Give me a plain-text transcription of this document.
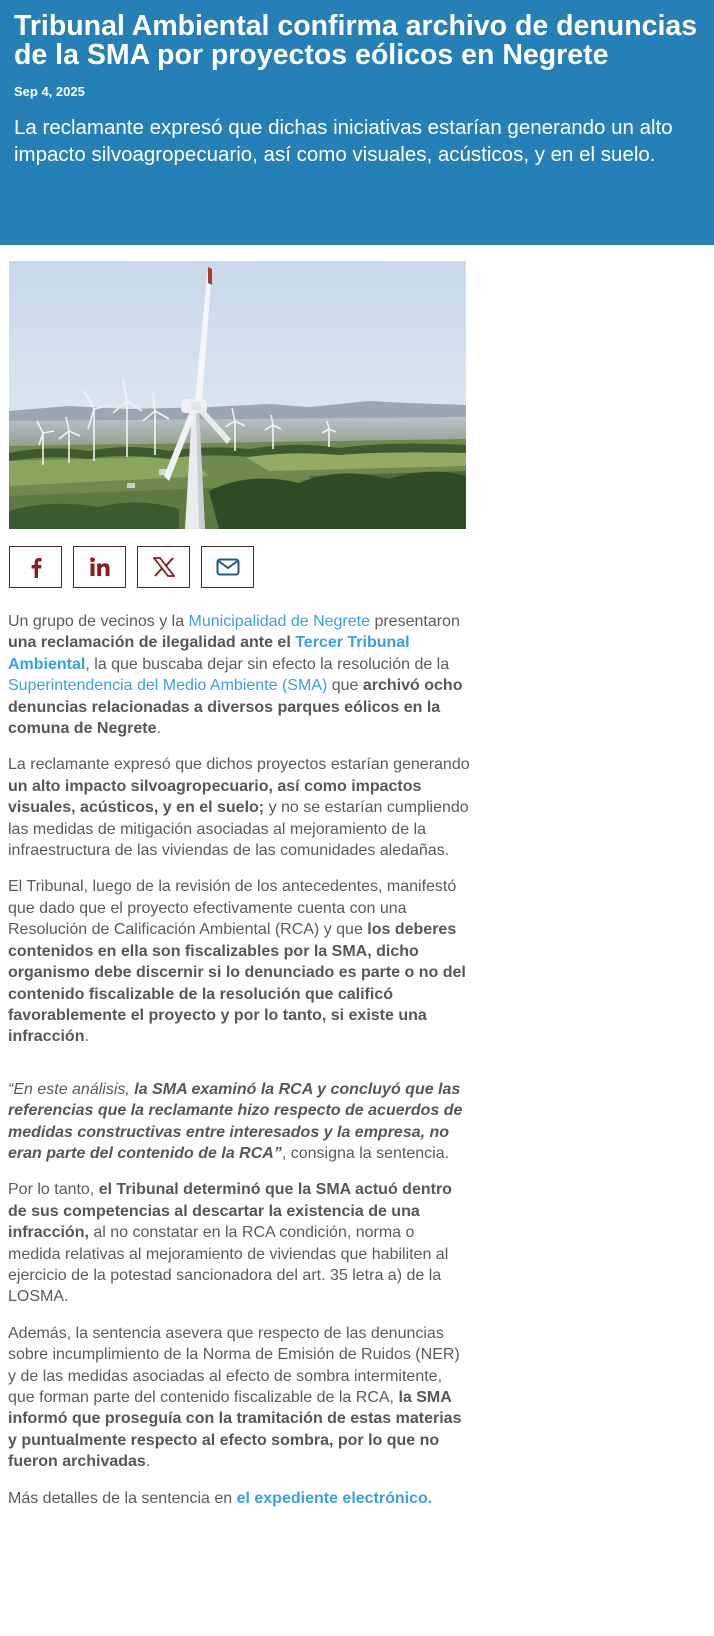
Tribunal Ambiental confirma archivo de denuncias de la SMA por proyectos eólicos en Negrete
Sep 4, 2025
La reclamante expresó que dichas iniciativas estarían generando un alto impacto silvoagropecuario, así como visuales, acústicos, y en el suelo.

Un grupo de vecinos y la Municipalidad de Negrete presentaron una reclamación de ilegalidad ante el Tercer Tribunal Ambiental, la que buscaba dejar sin efecto la resolución de la Superintendencia del Medio Ambiente (SMA) que archivó ocho denuncias relacionadas a diversos parques eólicos en la comuna de Negrete.

La reclamante expresó que dichos proyectos estarían generando un alto impacto silvoagropecuario, así como impactos visuales, acústicos, y en el suelo; y no se estarían cumpliendo las medidas de mitigación asociadas al mejoramiento de la infraestructura de las viviendas de las comunidades aledañas.

El Tribunal, luego de la revisión de los antecedentes, manifestó que dado que el proyecto efectivamente cuenta con una Resolución de Calificación Ambiental (RCA) y que los deberes contenidos en ella son fiscalizables por la SMA, dicho organismo debe discernir si lo denunciado es parte o no del contenido fiscalizable de la resolución que calificó favorablemente el proyecto y por lo tanto, si existe una infracción.

“En este análisis, la SMA examinó la RCA y concluyó que las referencias que la reclamante hizo respecto de acuerdos de medidas constructivas entre interesados y la empresa, no eran parte del contenido de la RCA”, consigna la sentencia.

Por lo tanto, el Tribunal determinó que la SMA actuó dentro de sus competencias al descartar la existencia de una infracción, al no constatar en la RCA condición, norma o medida relativas al mejoramiento de viviendas que habiliten al ejercicio de la potestad sancionadora del art. 35 letra a) de la LOSMA.

Además, la sentencia asevera que respecto de las denuncias sobre incumplimiento de la Norma de Emisión de Ruidos (NER) y de las medidas asociadas al efecto de sombra intermitente, que forman parte del contenido fiscalizable de la RCA, la SMA informó que proseguía con la tramitación de estas materias y puntualmente respecto al efecto sombra, por lo que no fueron archivadas.

Más detalles de la sentencia en el expediente electrónico.
